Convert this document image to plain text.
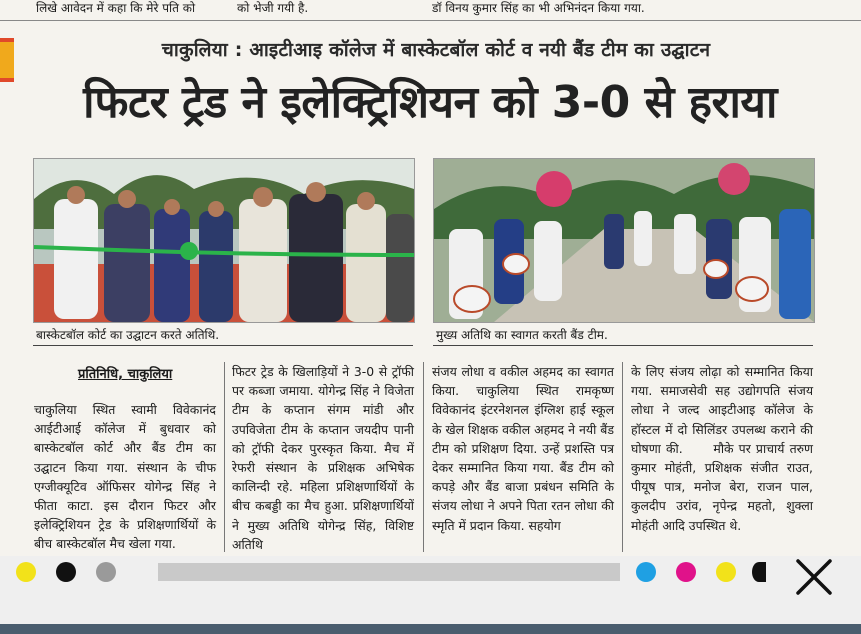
लिखे आवेदन में कहा कि मेरे पति को	को भेजी गयी है.	डॉ विनय कुमार सिंह का भी अभिनंदन किया गया.
चाकुलिया : आइटीआइ कॉलेज में बास्केटबॉल कोर्ट व नयी बैंड टीम का उद्घाटन
फिटर ट्रेड ने इलेक्ट्रिशियन को 3-0 से हराया
बास्केटबॉल कोर्ट का उद्घाटन करते अतिथि.	मुख्य अतिथि का स्वागत करती बैंड टीम.
प्रतिनिधि, चाकुलिया

चाकुलिया स्थित स्वामी विवेकानंद आईटीआई कॉलेज में बुधवार को बास्केटबॉल कोर्ट और बैंड टीम का उद्घाटन किया गया. संस्थान के चीफ एग्जीक्यूटिव ऑफिसर योगेन्द्र सिंह ने फीता काटा. इस दौरान फिटर और इलेक्ट्रिशियन ट्रेड के प्रशिक्षणार्थियों के बीच बास्केटबॉल मैच खेला गया.

फिटर ट्रेड के खिलाड़ियों ने 3-0 से ट्रॉफी पर कब्जा जमाया. योगेन्द्र सिंह ने विजेता टीम के कप्तान संगम मांडी और उपविजेता टीम के कप्तान जयदीप पानी को ट्रॉफी देकर पुरस्कृत किया. मैच में रेफरी संस्थान के प्रशिक्षक अभिषेक कालिन्दी रहे. महिला प्रशिक्षणार्थियों के बीच कबड्डी का मैच हुआ. प्रशिक्षणार्थियों ने मुख्य अतिथि योगेन्द्र सिंह, विशिष्ट अतिथि

संजय लोधा व वकील अहमद का स्वागत किया. चाकुलिया स्थित रामकृष्ण विवेकानंद इंटरनेशनल इंग्लिश हाई स्कूल के खेल शिक्षक वकील अहमद ने नयी बैंड टीम को प्रशिक्षण दिया. उन्हें प्रशस्ति पत्र देकर सम्मानित किया गया. बैंड टीम को कपड़े और बैंड बाजा प्रबंधन समिति के संजय लोधा ने अपने पिता रतन लोधा की स्मृति में प्रदान किया. सहयोग

के लिए संजय लोढ़ा को सम्मानित किया गया. समाजसेवी सह उद्योगपति संजय लोधा ने जल्द आइटीआइ कॉलेज के हॉस्टल में दो सिलिंडर उपलब्ध कराने की घोषणा की.      मौके पर प्राचार्य तरुण कुमार मोहंती, प्रशिक्षक संजीत राउत, पीयूष पात्र, मनोज बेरा, राजन पाल, कुलदीप उरांव, नृपेन्द्र महतो, शुक्ला मोहंती आदि उपस्थित थे.
